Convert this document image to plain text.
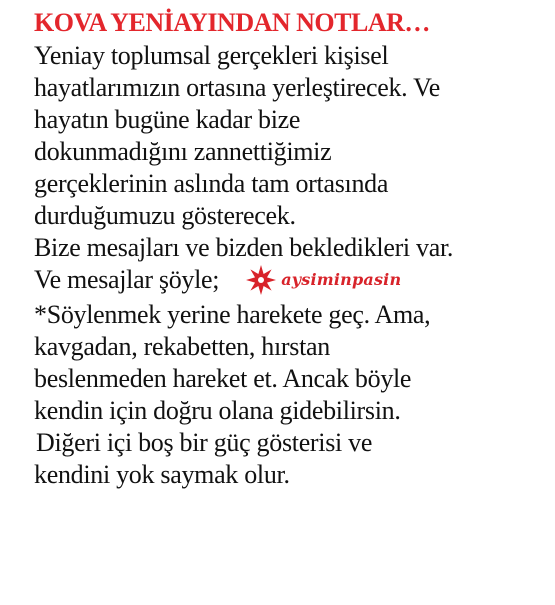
KOVA YENİAYINDAN NOTLAR…
Yeniay toplumsal gerçekleri kişisel
hayatlarımızın ortasına yerleştirecek. Ve
hayatın bugüne kadar bize
dokunmadığını zannettiğimiz
gerçeklerinin aslında tam ortasında
durduğumuzu gösterecek.
Bize mesajları ve bizden bekledikleri var.
Ve mesajlar şöyle;	aysiminpasin
*Söylenmek yerine harekete geç. Ama,
kavgadan, rekabetten, hırstan
beslenmeden hareket et. Ancak böyle
kendin için doğru olana gidebilirsin.
Diğeri içi boş bir güç gösterisi ve
kendini yok saymak olur.
